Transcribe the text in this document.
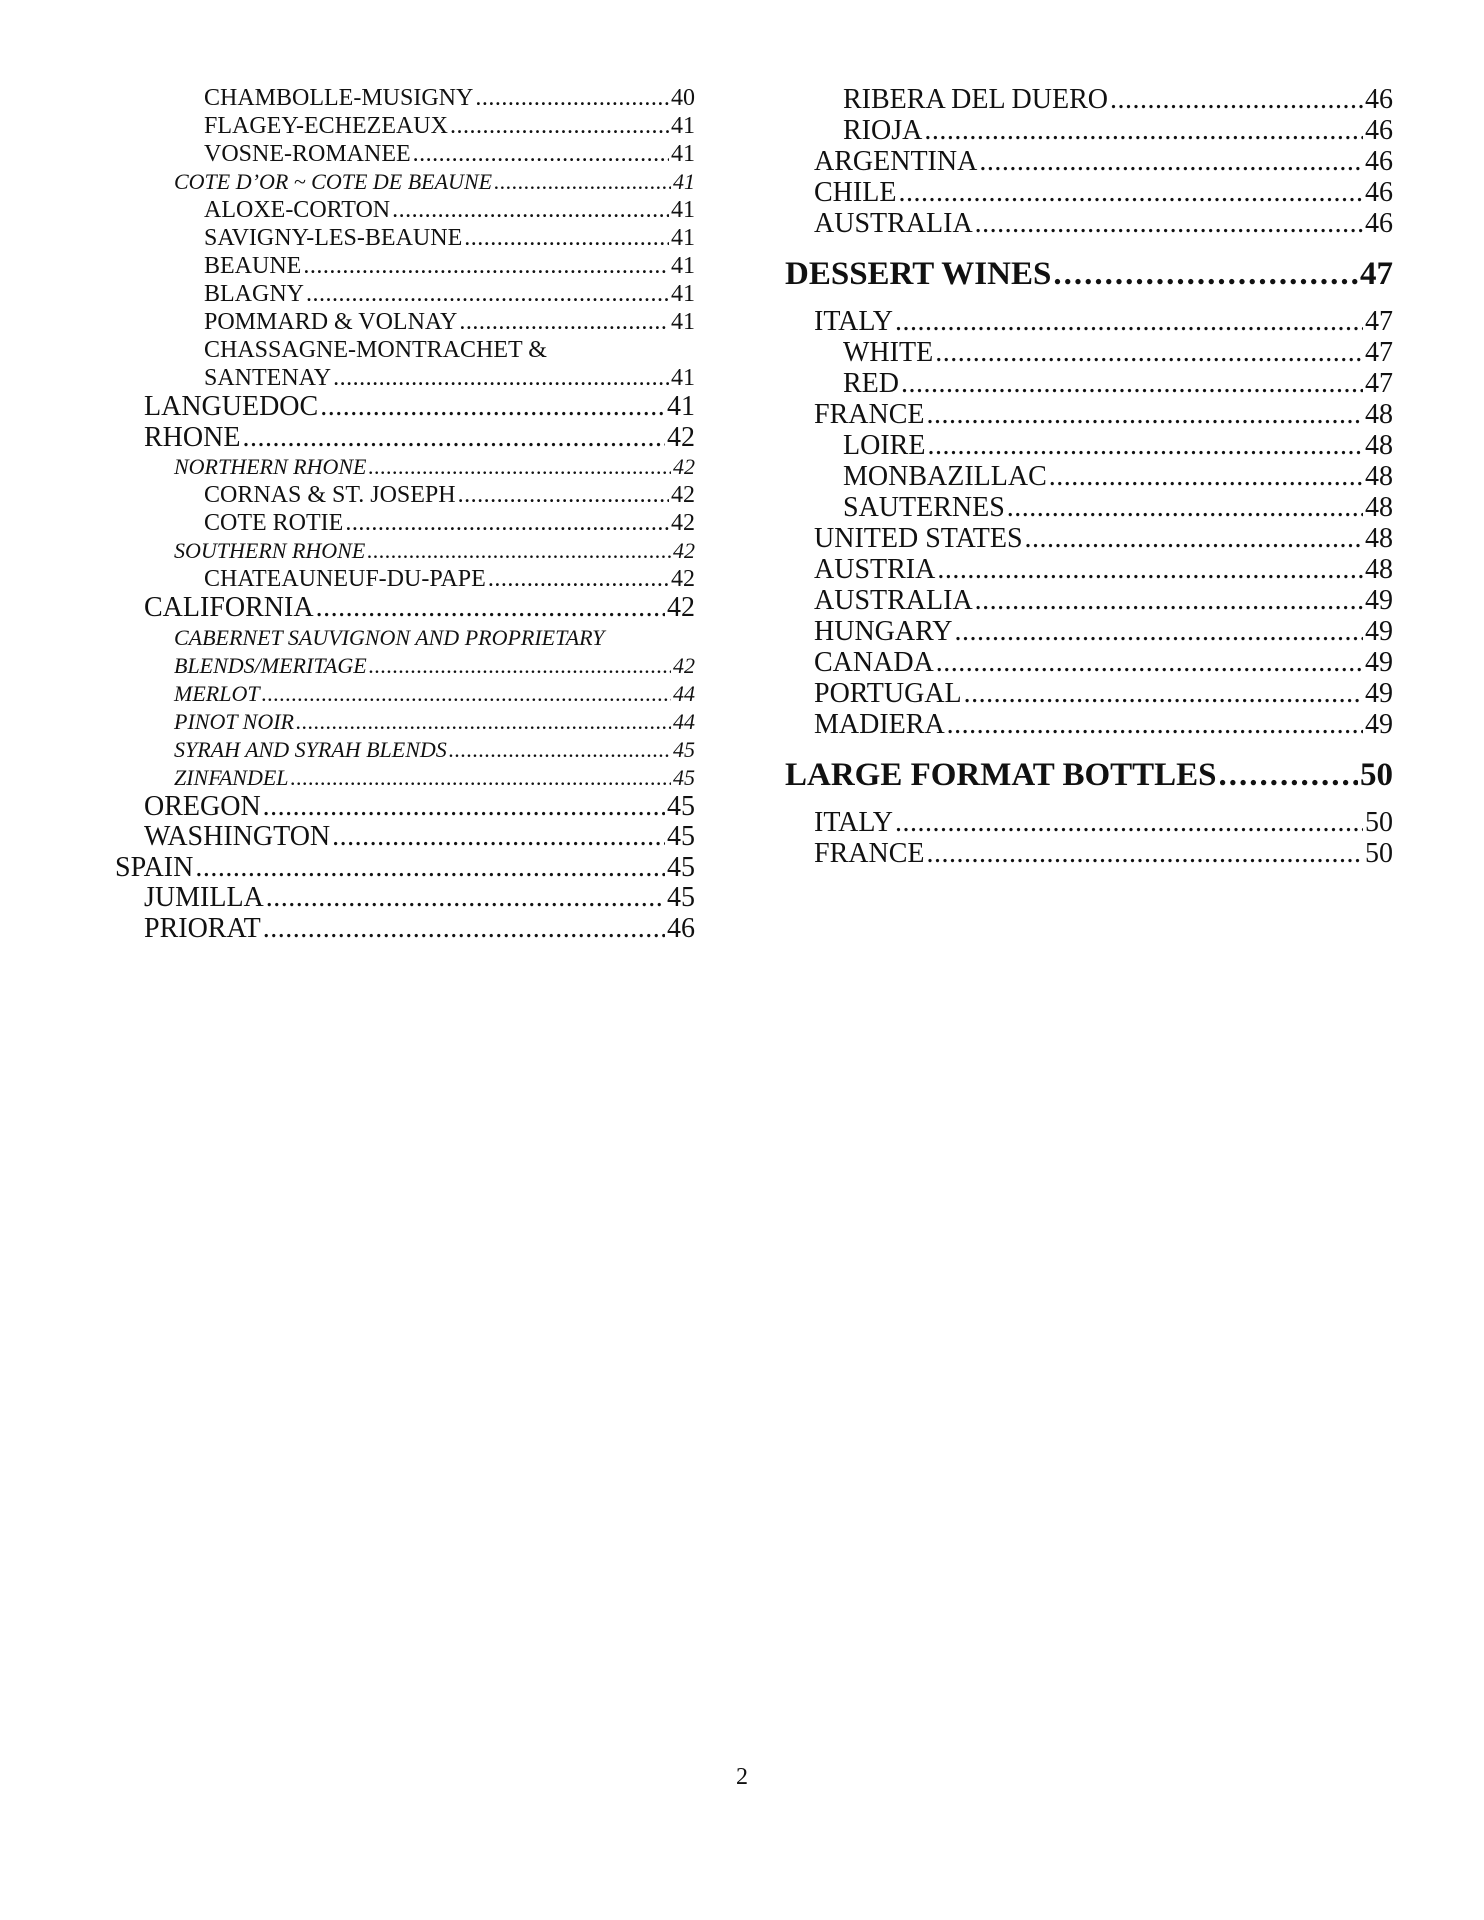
CHAMBOLLE-MUSIGNY .....	40
FLAGEY-ECHEZEAUX .....	41
VOSNE-ROMANEE .....	41
COTE D’OR ~ COTE DE BEAUNE .....	41
ALOXE-CORTON .....	41
SAVIGNY-LES-BEAUNE .....	41
BEAUNE .....	41
BLAGNY .....	41
POMMARD & VOLNAY .....	41
CHASSAGNE-MONTRACHET &
SANTENAY .....	41
LANGUEDOC .....	41
RHONE .....	42
NORTHERN RHONE .....	42
CORNAS & ST. JOSEPH .....	42
COTE ROTIE .....	42
SOUTHERN RHONE .....	42
CHATEAUNEUF-DU-PAPE .....	42
CALIFORNIA .....	42
CABERNET SAUVIGNON AND PROPRIETARY
BLENDS/MERITAGE .....	42
MERLOT .....	44
PINOT NOIR .....	44
SYRAH AND SYRAH BLENDS .....	45
ZINFANDEL .....	45
OREGON .....	45
WASHINGTON .....	45
SPAIN .....	45
JUMILLA .....	45
PRIORAT .....	46
RIBERA DEL DUERO .....	46
RIOJA .....	46
ARGENTINA .....	46
CHILE .....	46
AUSTRALIA .....	46
DESSERT WINES .....	47
ITALY .....	47
WHITE .....	47
RED .....	47
FRANCE .....	48
LOIRE .....	48
MONBAZILLAC .....	48
SAUTERNES .....	48
UNITED STATES .....	48
AUSTRIA .....	48
AUSTRALIA .....	49
HUNGARY .....	49
CANADA .....	49
PORTUGAL .....	49
MADIERA .....	49
LARGE FORMAT BOTTLES .....	50
ITALY .....	50
FRANCE .....	50
2
